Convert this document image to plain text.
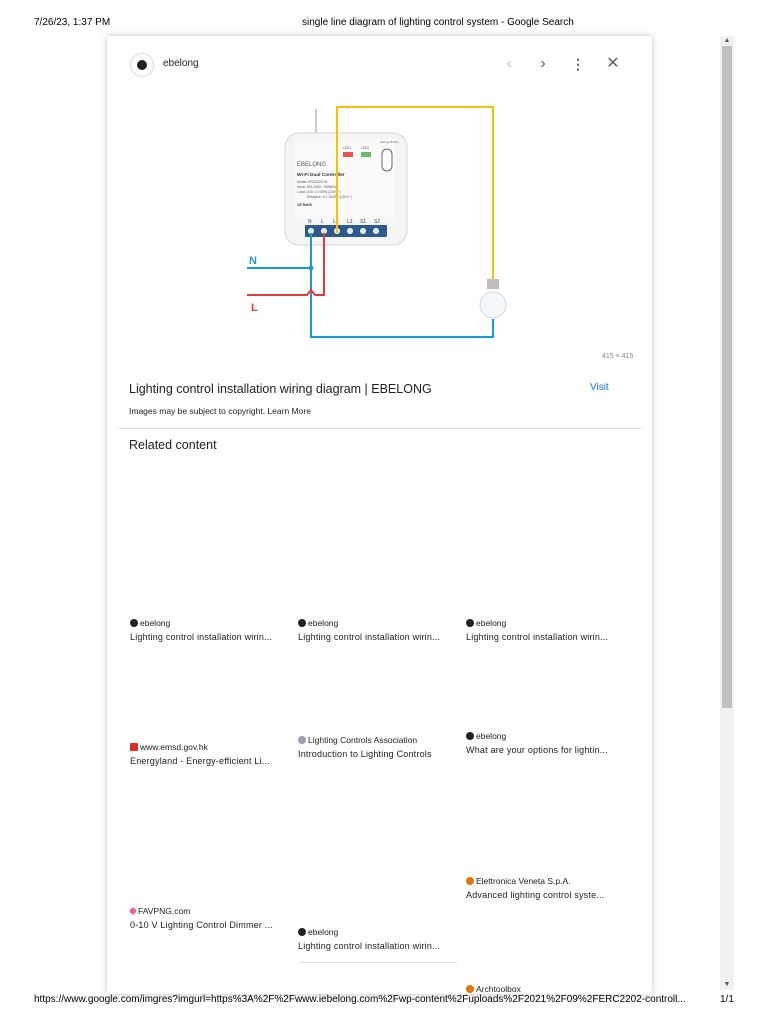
7/26/23, 1:37 PM	single line diagram of lighting control system - Google Search
ebelong	‹	›	⋮ ✕
EBELONG
Wi-Fi Dual Controller
Model: ERC2202-W
Input: 100-240V~ 50/60Hz
Load: LED: 2 x 50W (220V~)
Resistive: 2 x 1100W (220V~)
CE RoHS
LED1	LED2
Pairing Button
N L L2 L2 S1 S2
N
L
415 × 415
Lighting control installation wiring diagram | EBELONG	Visit
Images may be subject to copyright. Learn More
Related content
ebelong
Lighting control installation wirin...
ebelong
Lighting control installation wirin...
ebelong
Lighting control installation wirin...
www.emsd.gov.hk
Energyland - Energy-efficient Li...
Lighting Controls Association
Introduction to Lighting Controls
ebelong
What are your options for lightin...
FAVPNG.com
0-10 V Lighting Control Dimmer ...
Elettronica Veneta S.p.A.
Advanced lighting control syste...
ebelong
Lighting control installation wirin...
Archtoolbox
▲
▼
https://www.google.com/imgres?imgurl=https%3A%2F%2Fwww.iebelong.com%2Fwp-content%2Fuploads%2F2021%2F09%2FERC2202-controll...	1/1
